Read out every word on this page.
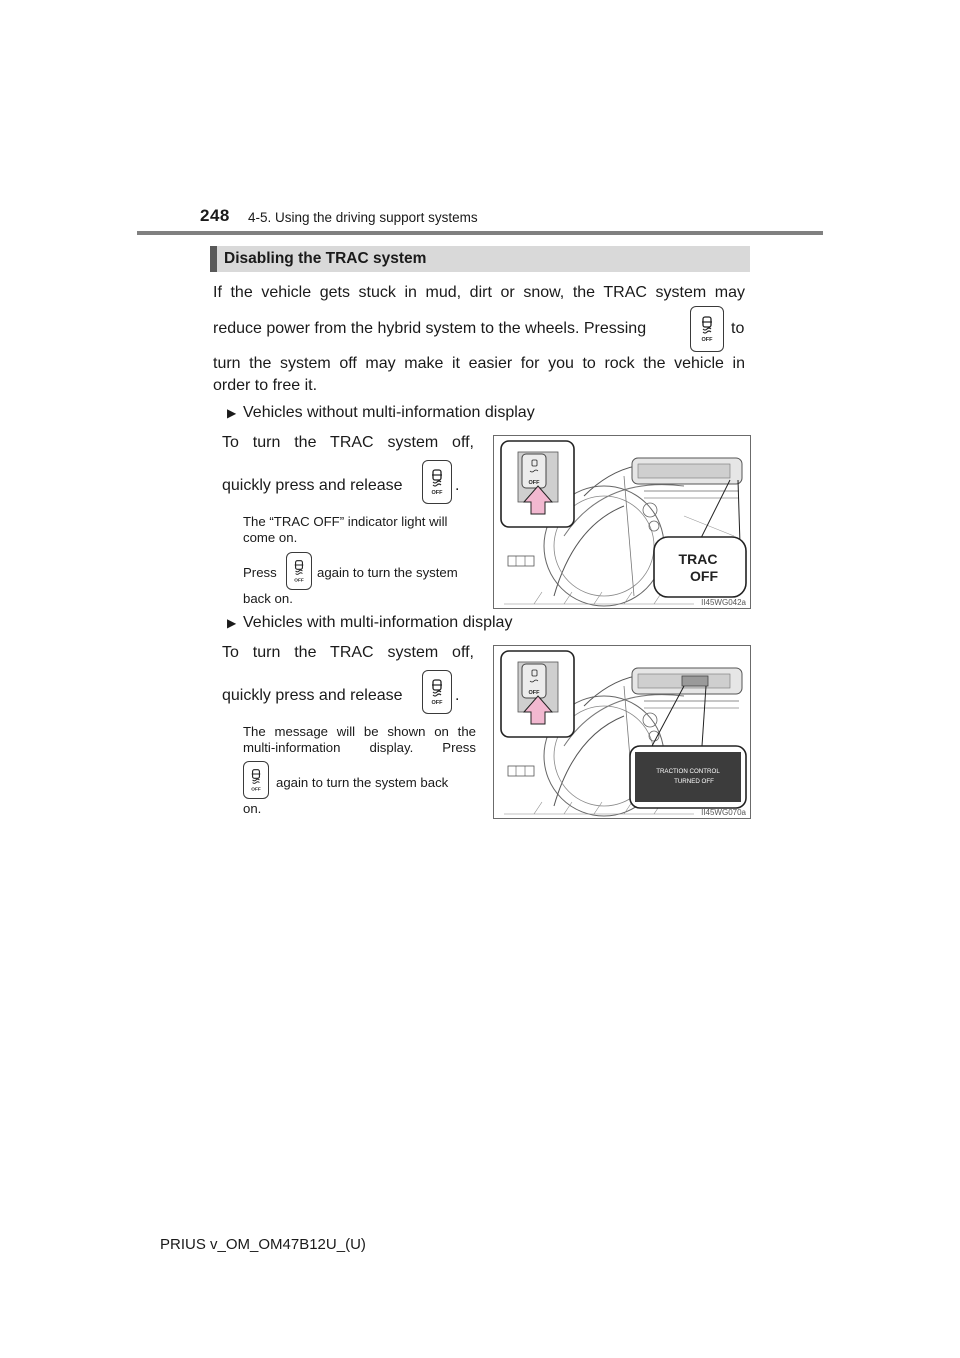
248 4-5. Using the driving support systems
Disabling the TRAC system
If the vehicle gets stuck in mud, dirt or snow, the TRAC system may
reduce power from the hybrid system to the wheels. Pressing
OFF
to
turn the system off may make it easier for you to rock the vehicle in
order to free it.
▶ Vehicles without multi-information display
To turn the TRAC system off,
quickly press and release	OFF .
The “TRAC OFF” indicator light will
come on.
Press	OFF again to turn the system
back on.
OFF
TRAC
OFF
II45WG042a
▶ Vehicles with multi-information display
To turn the TRAC system off,
quickly press and release	OFF .
The message will be shown on the
multi-information display. Press
OFF again to turn the system back
on.
OFF
TRACTION CONTROL
TURNED OFF
II45WG070a
PRIUS v_OM_OM47B12U_(U)
